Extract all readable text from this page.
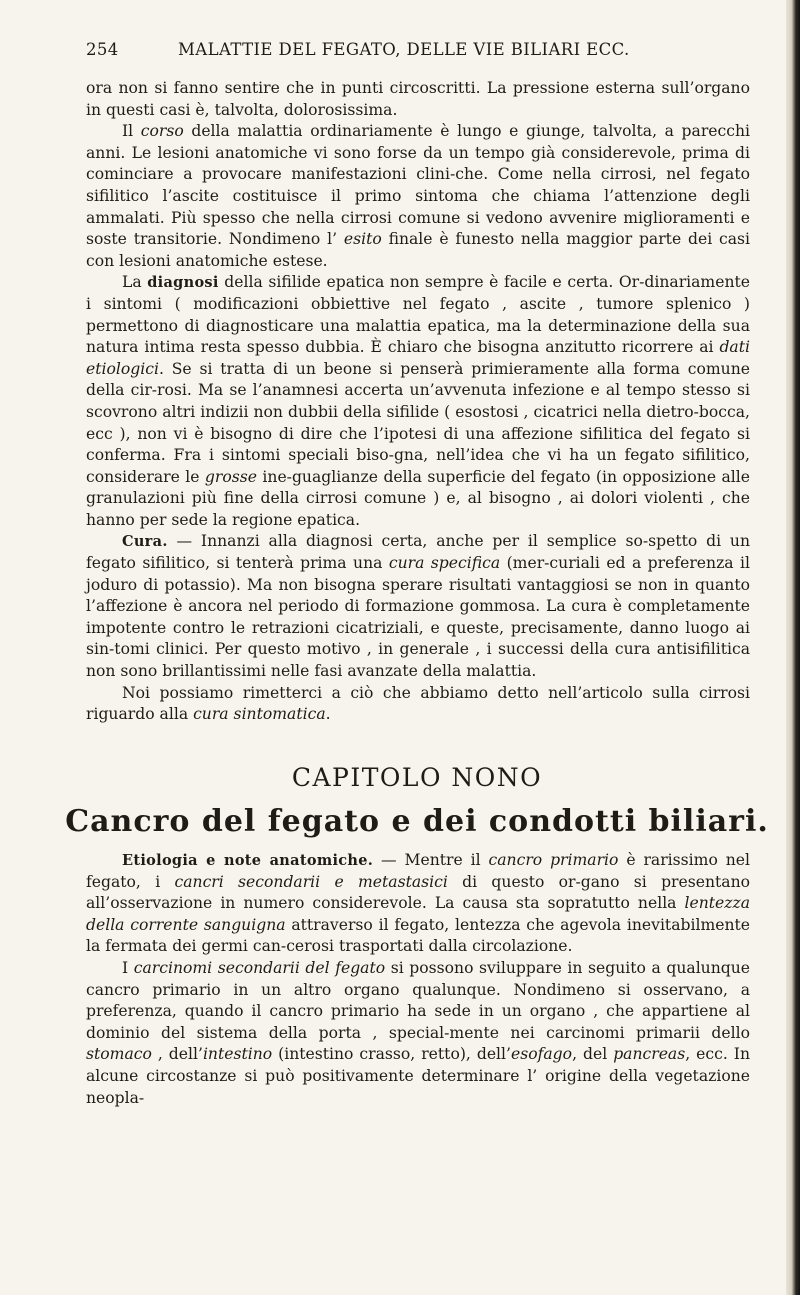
254	MALATTIE DEL FEGATO, DELLE VIE BILIARI ECC.

ora non si fanno sentire che in punti circoscritti. La pressione esterna sull’organo in questi casi è, talvolta, dolorosissima.

Il corso della malattia ordinariamente è lungo e giunge, talvolta, a parecchi anni. Le lesioni anatomiche vi sono forse da un tempo già considerevole, prima di cominciare a provocare manifestazioni clini-che. Come nella cirrosi, nel fegato sifilitico l’ascite costituisce il primo sintoma che chiama l’attenzione degli ammalati. Più spesso che nella cirrosi comune si vedono avvenire miglioramenti e soste transitorie. Nondimeno l’ esito finale è funesto nella maggior parte dei casi con lesioni anatomiche estese.

La diagnosi della sifilide epatica non sempre è facile e certa. Or-dinariamente i sintomi ( modificazioni obbiettive nel fegato , ascite , tumore splenico ) permettono di diagnosticare una malattia epatica, ma la determinazione della sua natura intima resta spesso dubbia. È chiaro che bisogna anzitutto ricorrere ai dati etiologici. Se si tratta di un beone si penserà primieramente alla forma comune della cir-rosi. Ma se l’anamnesi accerta un’avvenuta infezione e al tempo stesso si scovrono altri indizii non dubbii della sifilide ( esostosi , cicatrici nella dietro-bocca, ecc ), non vi è bisogno di dire che l’ipotesi di una affezione sifilitica del fegato si conferma. Fra i sintomi speciali biso-gna, nell’idea che vi ha un fegato sifilitico, considerare le grosse ine-guaglianze della superficie del fegato (in opposizione alle granulazioni più fine della cirrosi comune ) e, al bisogno , ai dolori violenti , che hanno per sede la regione epatica.

Cura. — Innanzi alla diagnosi certa, anche per il semplice so-spetto di un fegato sifilitico, si tenterà prima una cura specifica (mer-curiali ed a preferenza il joduro di potassio). Ma non bisogna sperare risultati vantaggiosi se non in quanto l’affezione è ancora nel periodo di formazione gommosa. La cura è completamente impotente contro le retrazioni cicatriziali, e queste, precisamente, danno luogo ai sin-tomi clinici. Per questo motivo , in generale , i successi della cura antisifilitica non sono brillantissimi nelle fasi avanzate della malattia.

Noi possiamo rimetterci a ciò che abbiamo detto nell’articolo sulla cirrosi riguardo alla cura sintomatica.

CAPITOLO NONO
Cancro del fegato e dei condotti biliari.

Etiologia e note anatomiche. — Mentre il cancro primario è rarissimo nel fegato, i cancri secondarii e metastasici di questo or-gano si presentano all’osservazione in numero considerevole. La causa sta sopratutto nella lentezza della corrente sanguigna attraverso il fegato, lentezza che agevola inevitabilmente la fermata dei germi can-cerosi trasportati dalla circolazione.

I carcinomi secondarii del fegato si possono sviluppare in seguito a qualunque cancro primario in un altro organo qualunque. Nondimeno si osservano, a preferenza, quando il cancro primario ha sede in un organo , che appartiene al dominio del sistema della porta , special-mente nei carcinomi primarii dello stomaco , dell’intestino (intestino crasso, retto), dell’esofago, del pancreas, ecc. In alcune circostanze si può positivamente determinare l’ origine della vegetazione neopla-
